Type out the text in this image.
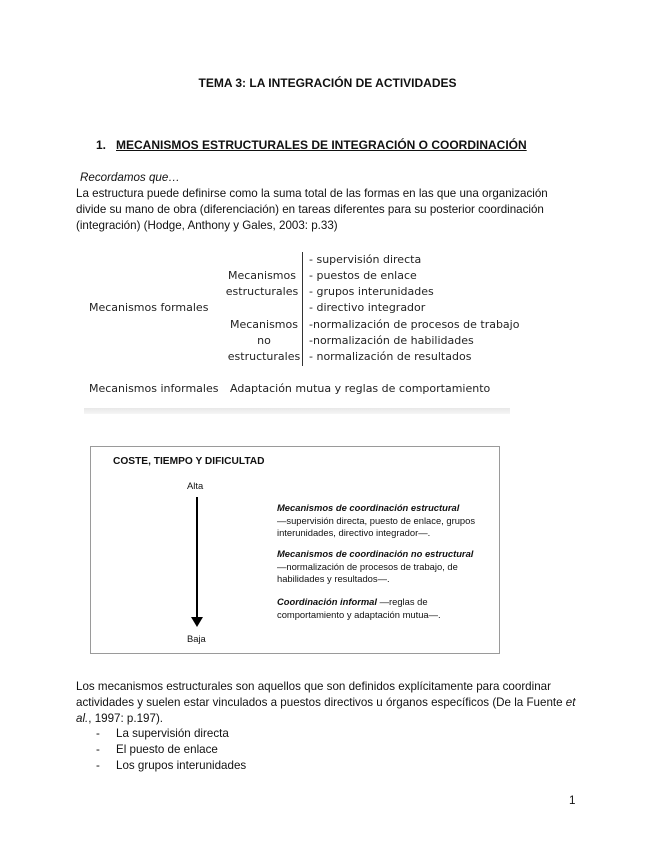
TEMA 3: LA INTEGRACIÓN DE ACTIVIDADES
1. MECANISMOS ESTRUCTURALES DE INTEGRACIÓN O COORDINACIÓN
Recordamos que…
La estructura puede definirse como la suma total de las formas en las que una organización divide su mano de obra (diferenciación) en tareas diferentes para su posterior coordinación (integración) (Hodge, Anthony y Gales, 2003: p.33)
Mecanismos
estructurales
- supervisión directa
- puestos de enlace
- grupos interunidades
- directivo integrador
Mecanismos formales
Mecanismos
no
estructurales
-normalización de procesos de trabajo
-normalización de habilidades
- normalización de resultados
Mecanismos informales Adaptación mutua y reglas de comportamiento
COSTE, TIEMPO Y DIFICULTAD
Alta
Baja
Mecanismos de coordinación estructural
—supervisión directa, puesto de enlace, grupos interunidades, directivo integrador—.
Mecanismos de coordinación no estructural
—normalización de procesos de trabajo, de habilidades y resultados—.
Coordinación informal —reglas de comportamiento y adaptación mutua—.
Los mecanismos estructurales son aquellos que son definidos explícitamente para coordinar actividades y suelen estar vinculados a puestos directivos u órganos específicos (De la Fuente et al., 1997: p.197).
- La supervisión directa
- El puesto de enlace
- Los grupos interunidades
1
